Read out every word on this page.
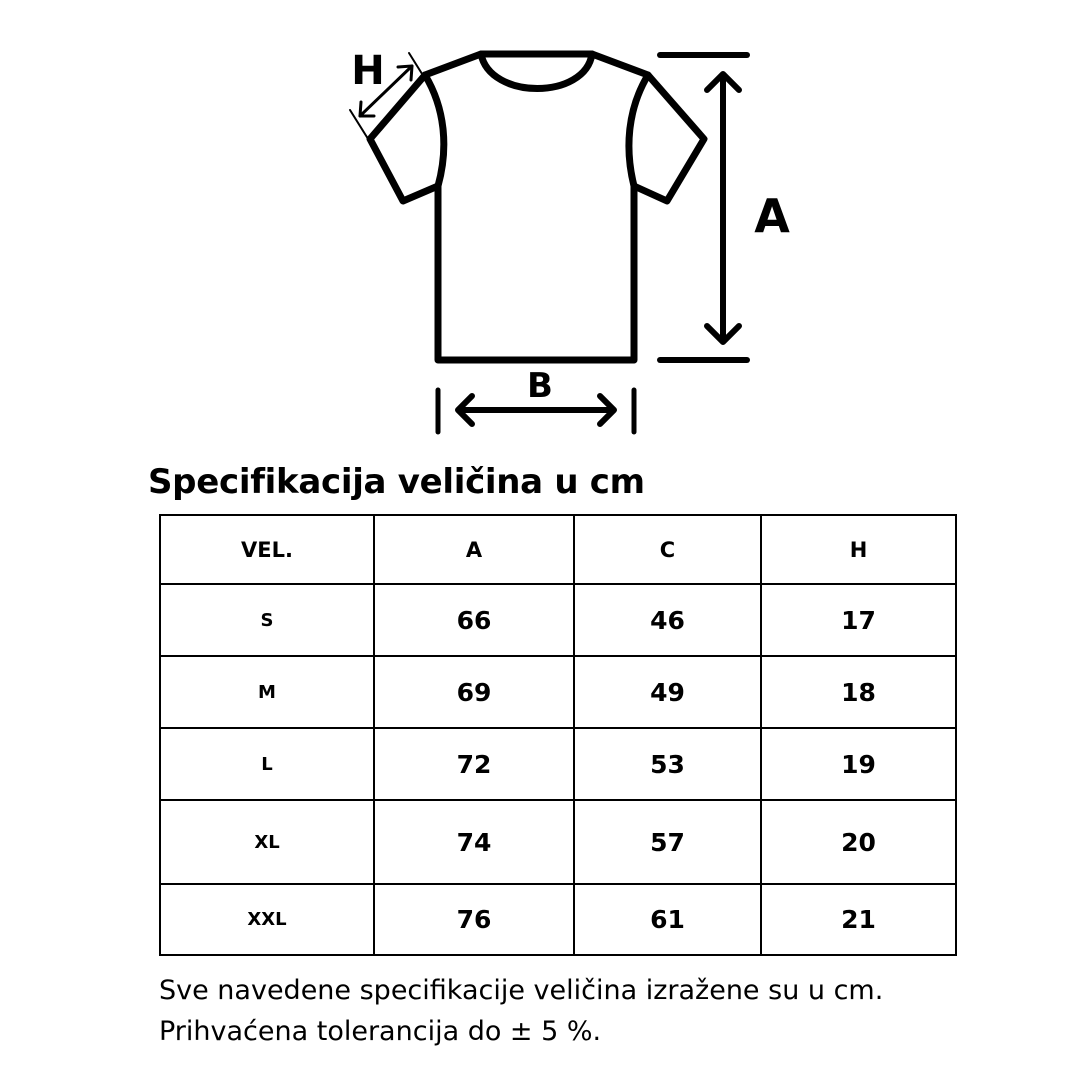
H
A
B
Specifikacija veličina u cm
VEL.	A	C	H
S	66	46	17
M	69	49	18
L	72	53	19
XL	74	57	20
XXL	76	61	21
Sve navedene specifikacije veličina izražene su u cm.
Prihvaćena tolerancija do ± 5 %.
